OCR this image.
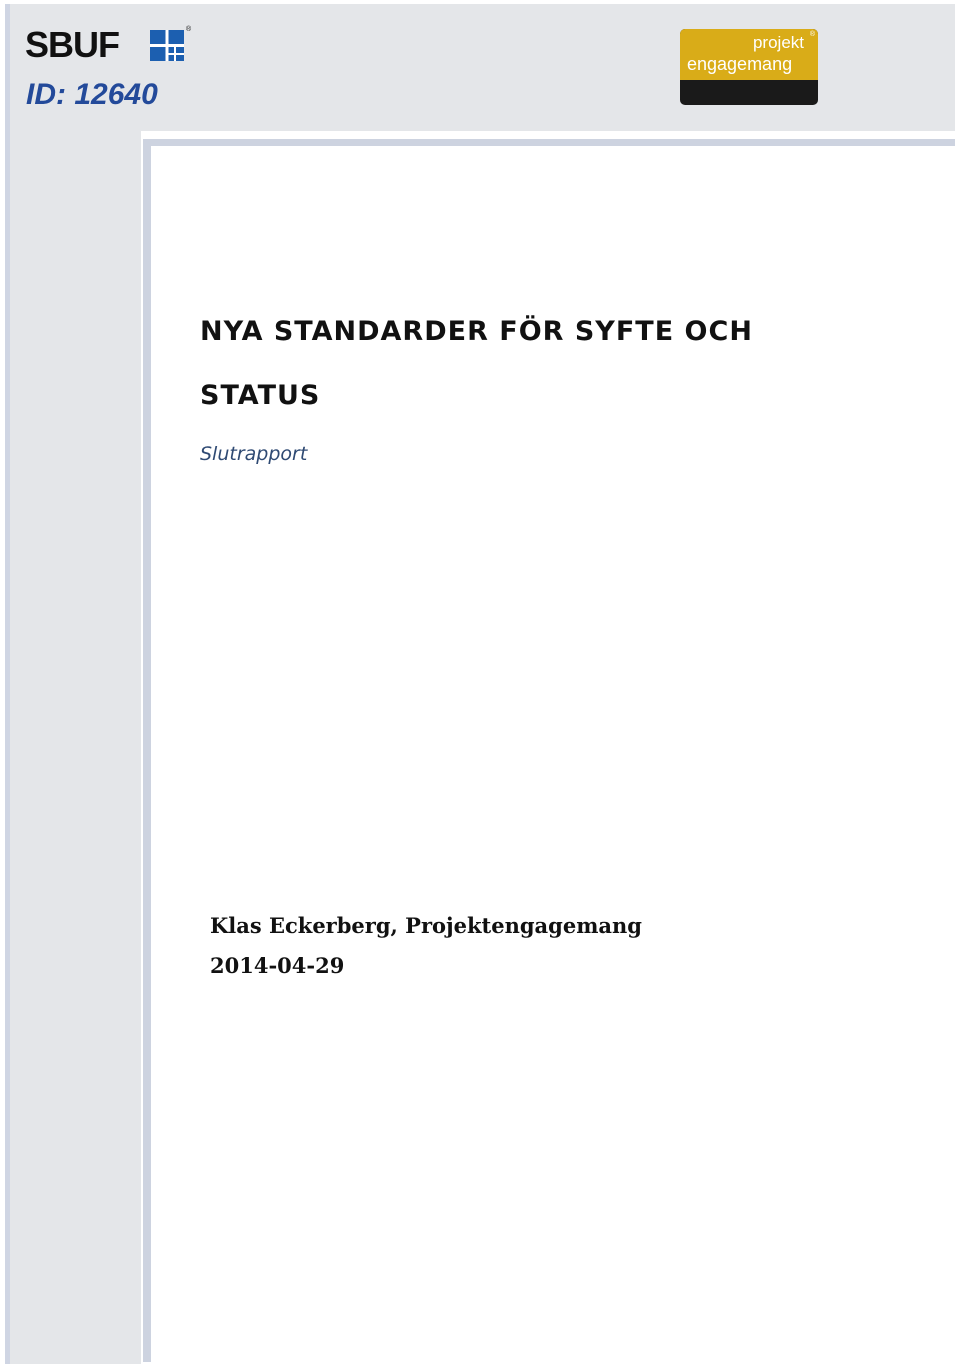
SBUF	®

ID: 12640

projekt
engagemang
®
NYA STANDARDER FÖR SYFTE OCH STATUS

Slutrapport

Klas Eckerberg, Projektengagemang

2014-04-29
